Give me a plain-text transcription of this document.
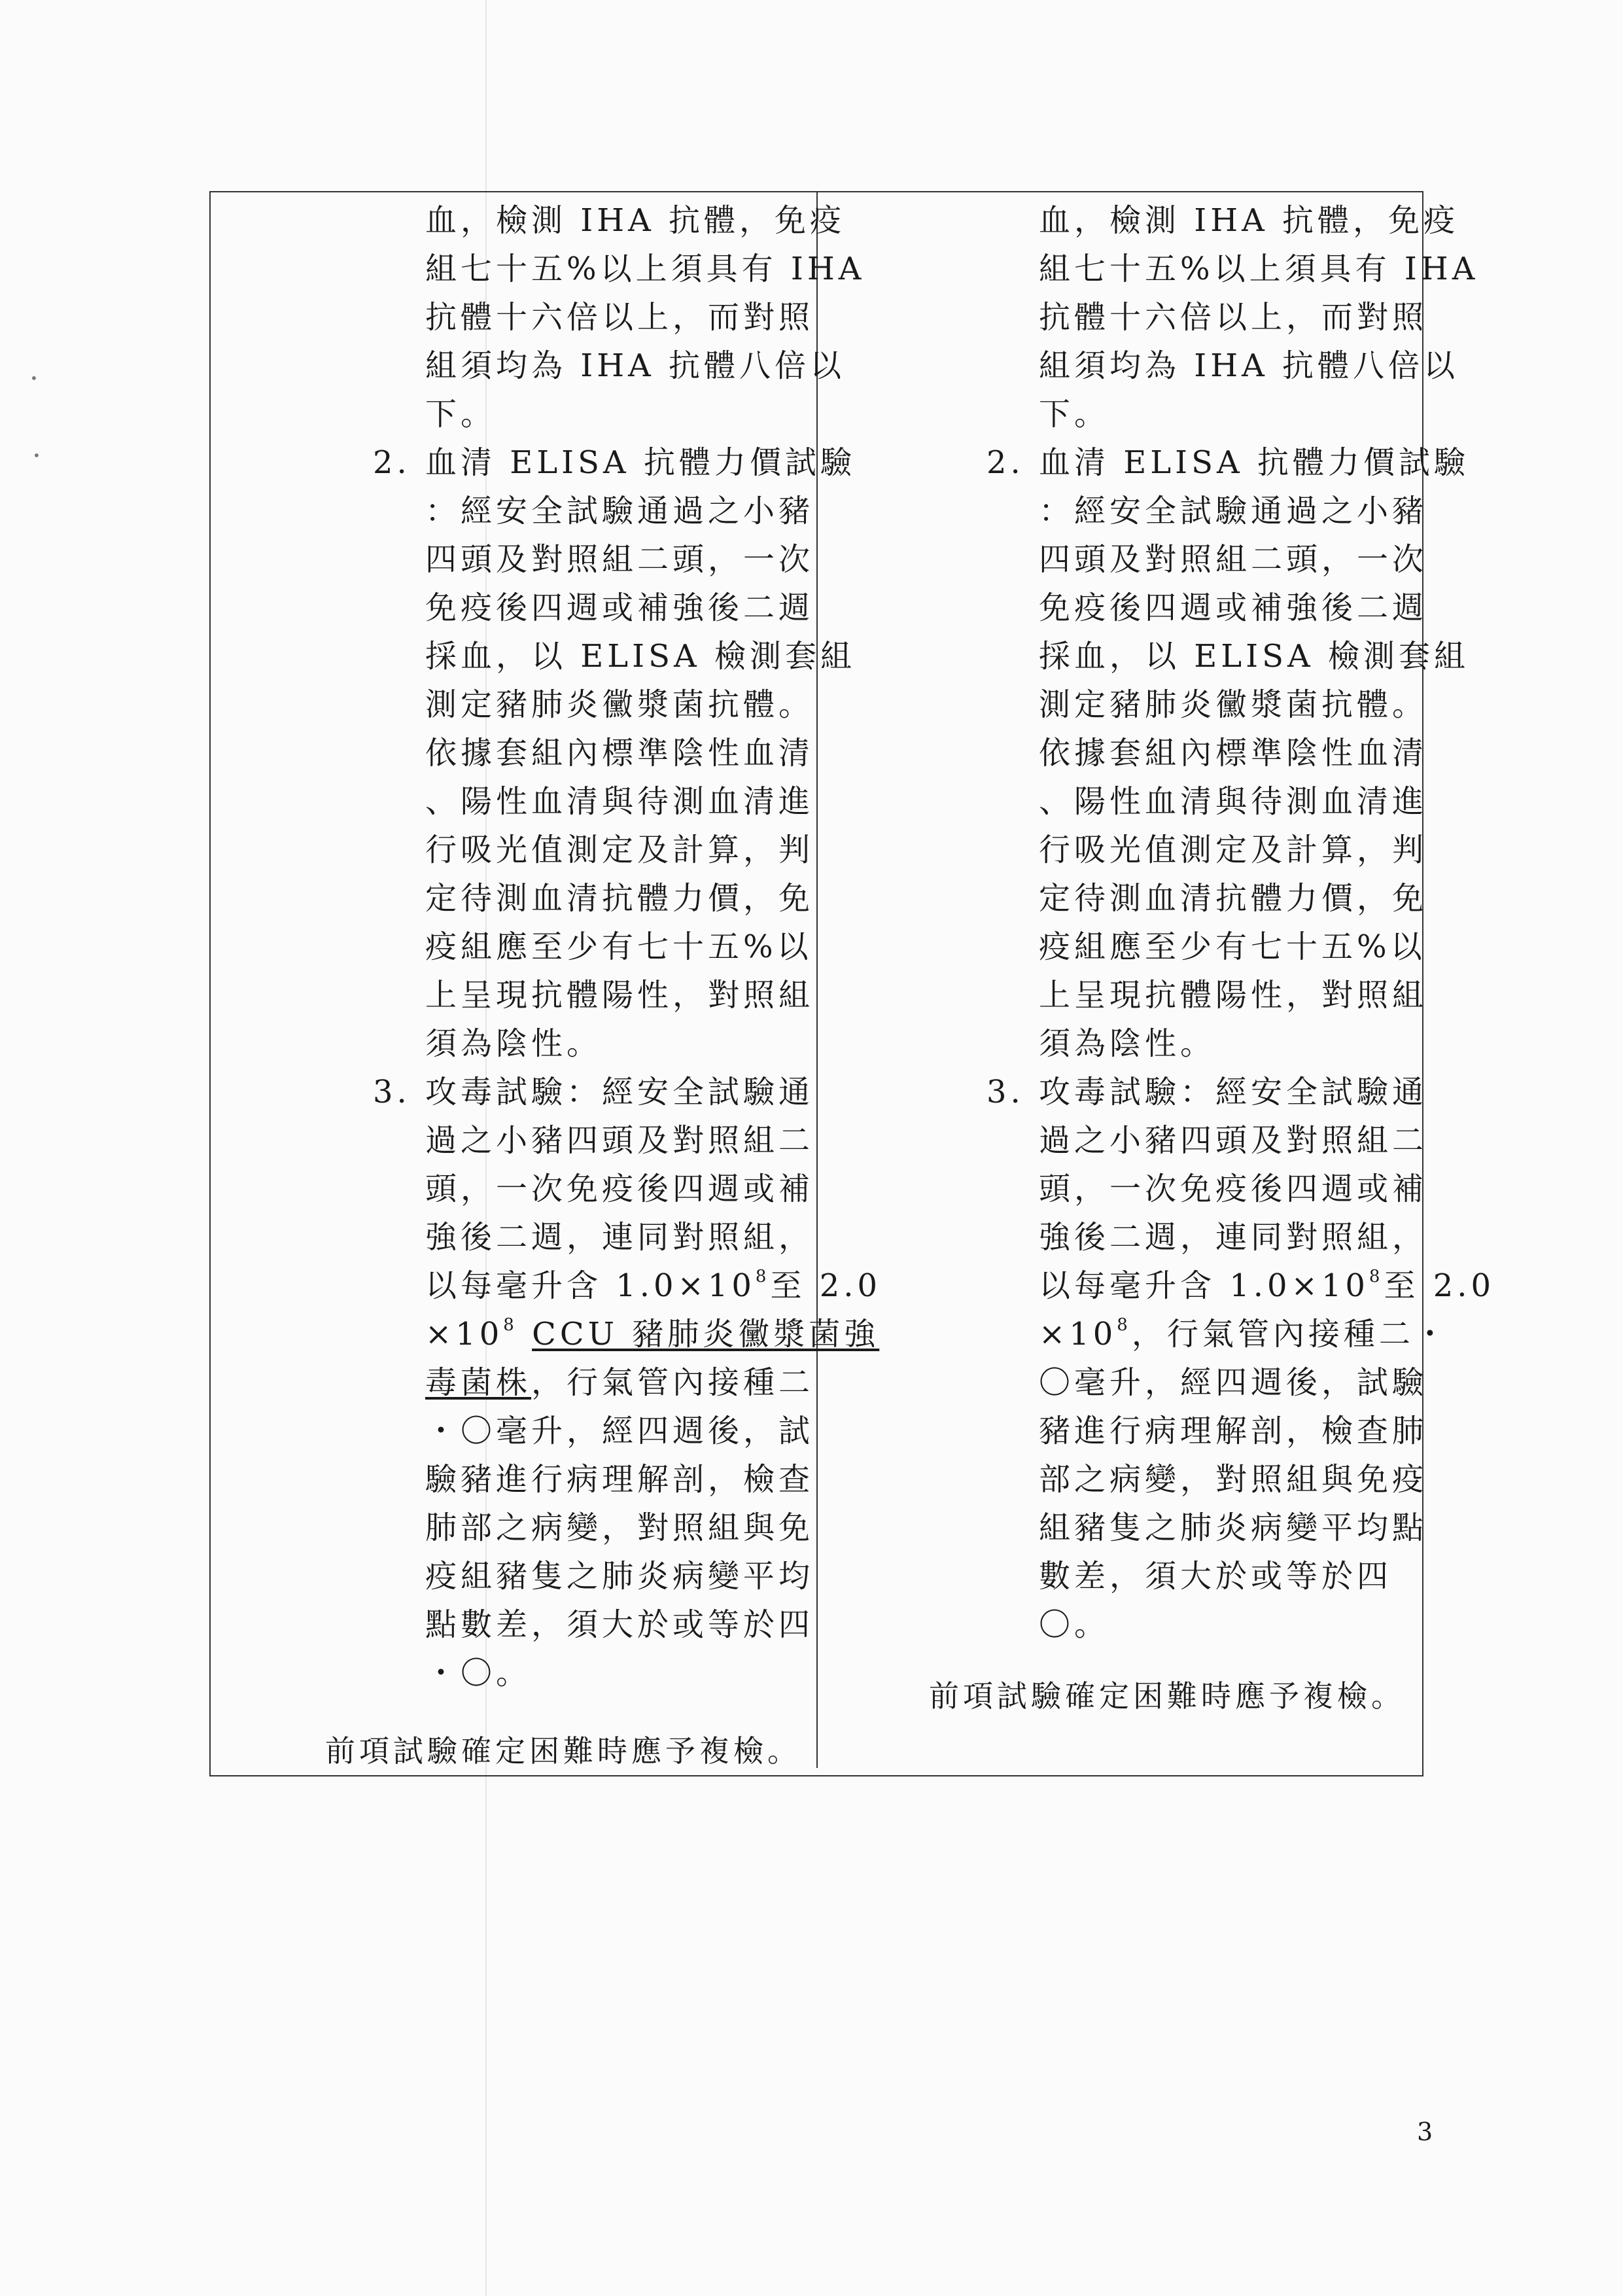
•
•
血，檢測 IHA 抗體，免疫
組七十五%以上須具有 IHA
抗體十六倍以上，而對照
組須均為 IHA 抗體八倍以
下。
2. 血清 ELISA 抗體力價試驗
：經安全試驗通過之小豬
四頭及對照組二頭，一次
免疫後四週或補強後二週
採血，以 ELISA 檢測套組
測定豬肺炎黴漿菌抗體。
依據套組內標準陰性血清
、陽性血清與待測血清進
行吸光值測定及計算，判
定待測血清抗體力價，免
疫組應至少有七十五%以
上呈現抗體陽性，對照組
須為陰性。
3. 攻毒試驗：經安全試驗通
過之小豬四頭及對照組二
頭，一次免疫後四週或補
強後二週，連同對照組，
以每毫升含 $1.0\times 10^8$至 2.0
$\times 10^8$ CCU 豬肺炎黴漿菌強
毒菌株，行氣管內接種二
・〇毫升，經四週後，試
驗豬進行病理解剖，檢查
肺部之病變，對照組與免
疫組豬隻之肺炎病變平均
點數差，須大於或等於四
・〇。
前項試驗確定困難時應予複檢。
血，檢測 IHA 抗體，免疫
組七十五%以上須具有 IHA
抗體十六倍以上，而對照
組須均為 IHA 抗體八倍以
下。
2. 血清 ELISA 抗體力價試驗
：經安全試驗通過之小豬
四頭及對照組二頭，一次
免疫後四週或補強後二週
採血，以 ELISA 檢測套組
測定豬肺炎黴漿菌抗體。
依據套組內標準陰性血清
、陽性血清與待測血清進
行吸光值測定及計算，判
定待測血清抗體力價，免
疫組應至少有七十五%以
上呈現抗體陽性，對照組
須為陰性。
3. 攻毒試驗：經安全試驗通
過之小豬四頭及對照組二
頭，一次免疫後四週或補
強後二週，連同對照組，
以每毫升含 $1.0\times 10^8$至 2.0
$\times 10^8$，行氣管內接種二・
〇毫升，經四週後，試驗
豬進行病理解剖，檢查肺
部之病變，對照組與免疫
組豬隻之肺炎病變平均點
數差，須大於或等於四
〇。
前項試驗確定困難時應予複檢。
3
